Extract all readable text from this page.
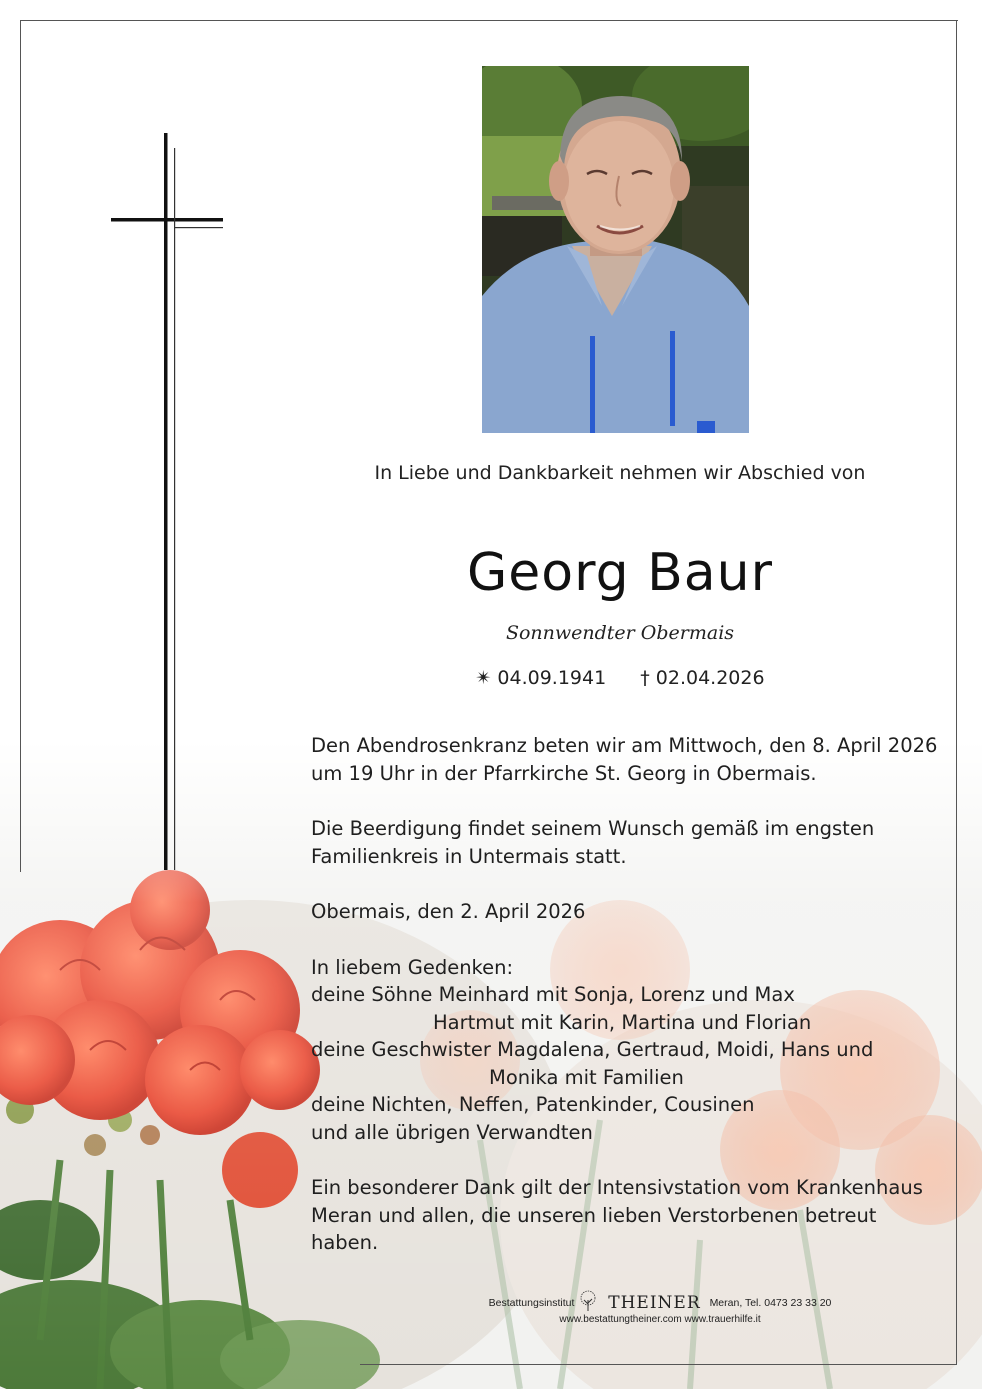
In Liebe und Dankbarkeit nehmen wir Abschied von
Georg Baur
Sonnwendter Obermais
✴ 04.09.1941 † 02.04.2026

Den Abendrosenkranz beten wir am Mittwoch, den 8. April 2026

um 19 Uhr in der Pfarrkirche St. Georg in Obermais.

Die Beerdigung findet seinem Wunsch gemäß im engsten

Familienkreis in Untermais statt.

Obermais, den 2. April 2026

In liebem Gedenken:

deine Söhne Meinhard mit Sonja, Lorenz und Max

Hartmut mit Karin, Martina und Florian

deine Geschwister Magdalena, Gertraud, Moidi, Hans und

Monika mit Familien

deine Nichten, Neffen, Patenkinder, Cousinen

und alle übrigen Verwandten

Ein besonderer Dank gilt der Intensivstation vom Krankenhaus

Meran und allen, die unseren lieben Verstorbenen betreut

haben.

Bestattungsinstitut THEINER Meran, Tel. 0473 23 33 20
www.bestattungtheiner.com www.trauerhilfe.it
